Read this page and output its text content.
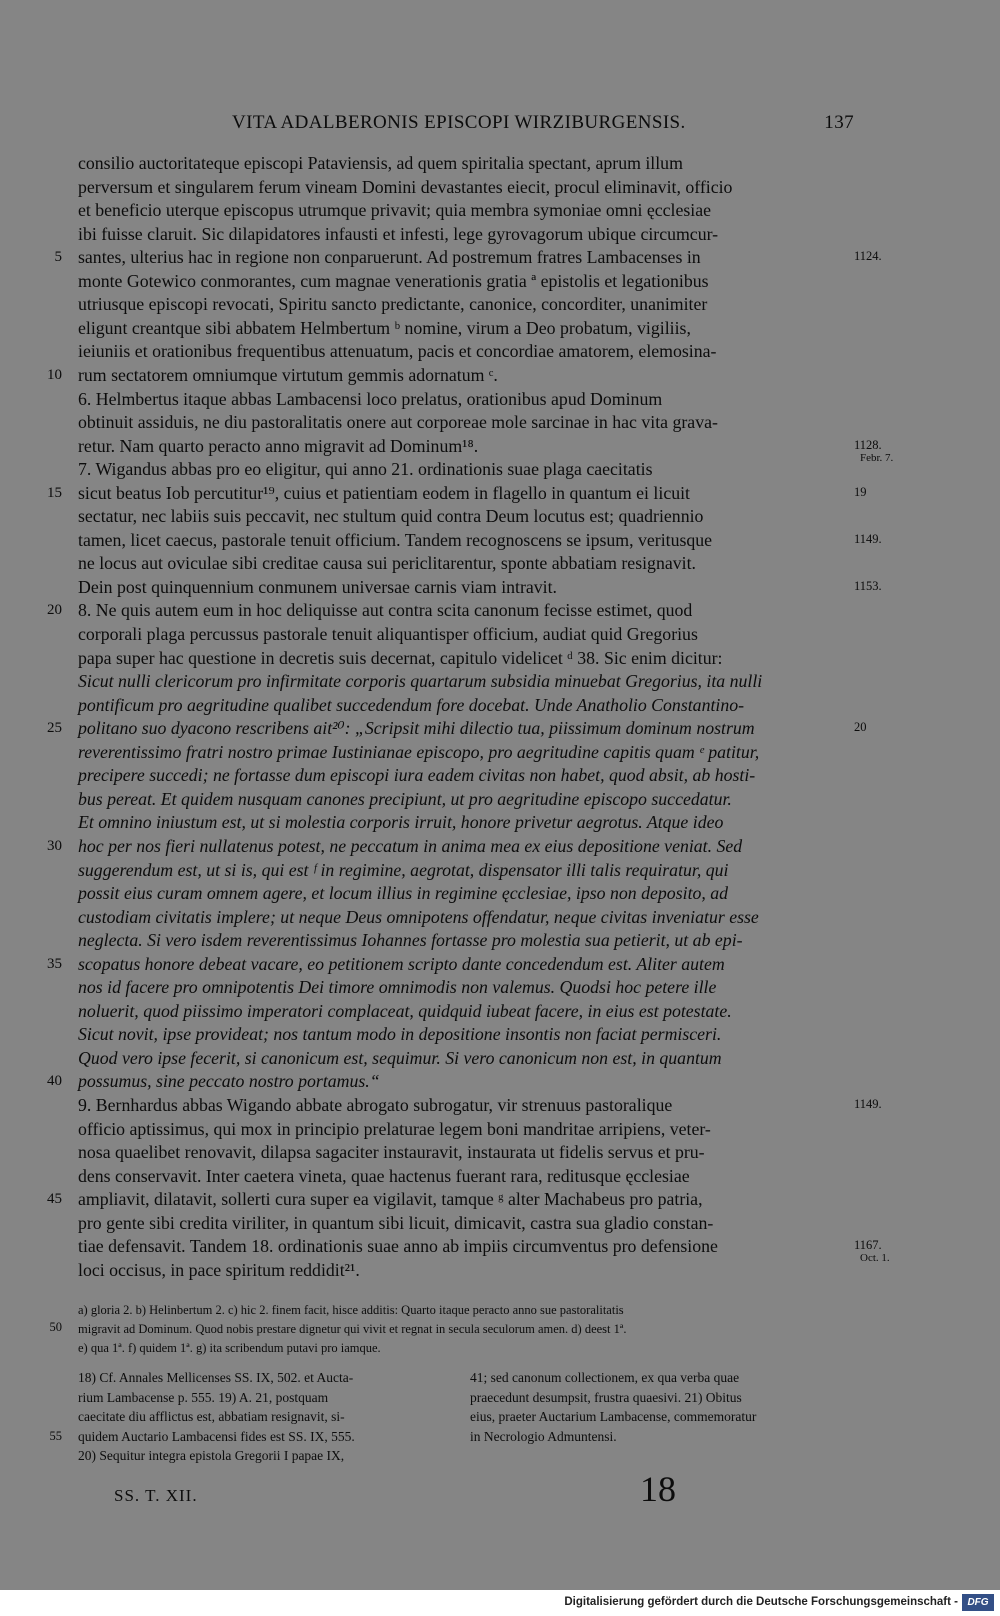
VITA ADALBERONIS EPISCOPI WIRZIBURGENSIS.	137
consilio auctoritateque episcopi Pataviensis, ad quem spiritalia spectant, aprum illum
perversum et singularem ferum vineam Domini devastantes eiecit, procul eliminavit, officio
et beneficio uterque episcopus utrumque privavit; quia membra symoniae omni ęcclesiae
ibi fuisse claruit. Sic dilapidatores infausti et infesti, lege gyrovagorum ubique circumcur-
santes, ulterius hac in regione non conparuerunt. Ad postremum fratres Lambacenses in
5
monte Gotewico conmorantes, cum magnae venerationis gratia ª epistolis et legationibus
utriusque episcopi revocati, Spiritu sancto predictante, canonice, concorditer, unanimiter
eligunt creantque sibi abbatem Helmbertum ᵇ nomine, virum a Deo probatum, vigiliis,
ieiuniis et orationibus frequentibus attenuatum, pacis et concordiae amatorem, elemosina-
rum sectatorem omniumque virtutum gemmis adornatum ᶜ.
10
6. Helmbertus itaque abbas Lambacensi loco prelatus, orationibus apud Dominum
obtinuit assiduis, ne diu pastoralitatis onere aut corporeae mole sarcinae in hac vita grava-
retur. Nam quarto peracto anno migravit ad Dominum¹⁸.
7. Wigandus abbas pro eo eligitur, qui anno 21. ordinationis suae plaga caecitatis
sicut beatus Iob percutitur¹⁹, cuius et patientiam eodem in flagello in quantum ei licuit
15
sectatur, nec labiis suis peccavit, nec stultum quid contra Deum locutus est; quadriennio
tamen, licet caecus, pastorale tenuit officium. Tandem recognoscens se ipsum, veritusque
ne locus aut oviculae sibi creditae causa sui periclitarentur, sponte abbatiam resignavit.
Dein post quinquennium conmunem universae carnis viam intravit.
8. Ne quis autem eum in hoc deliquisse aut contra scita canonum fecisse estimet, quod
20
corporali plaga percussus pastorale tenuit aliquantisper officium, audiat quid Gregorius
papa super hac questione in decretis suis decernat, capitulo videlicet ᵈ 38. Sic enim dicitur:
Sicut nulli clericorum pro infirmitate corporis quartarum subsidia minuebat Gregorius, ita nulli
pontificum pro aegritudine qualibet succedendum fore docebat. Unde Anatholio Constantino-
politano suo dyacono rescribens ait²⁰: „Scripsit mihi dilectio tua, piissimum dominum nostrum
25
reverentissimo fratri nostro primae Iustinianae episcopo, pro aegritudine capitis quam ᵉ patitur,
precipere succedi; ne fortasse dum episcopi iura eadem civitas non habet, quod absit, ab hosti-
bus pereat. Et quidem nusquam canones precipiunt, ut pro aegritudine episcopo succedatur.
Et omnino iniustum est, ut si molestia corporis irruit, honore privetur aegrotus. Atque ideo
hoc per nos fieri nullatenus potest, ne peccatum in anima mea ex eius depositione veniat. Sed
30
suggerendum est, ut si is, qui est ᶠ in regimine, aegrotat, dispensator illi talis requiratur, qui
possit eius curam omnem agere, et locum illius in regimine ęcclesiae, ipso non deposito, ad
custodiam civitatis implere; ut neque Deus omnipotens offendatur, neque civitas inveniatur esse
neglecta. Si vero isdem reverentissimus Iohannes fortasse pro molestia sua petierit, ut ab epi-
scopatus honore debeat vacare, eo petitionem scripto dante concedendum est. Aliter autem
35
nos id facere pro omnipotentis Dei timore omnimodis non valemus. Quodsi hoc petere ille
noluerit, quod piissimo imperatori complaceat, quidquid iubeat facere, in eius est potestate.
Sicut novit, ipse provideat; nos tantum modo in depositione insontis non faciat permisceri.
Quod vero ipse fecerit, si canonicum est, sequimur. Si vero canonicum non est, in quantum
possumus, sine peccato nostro portamus.“
40
9. Bernhardus abbas Wigando abbate abrogato subrogatur, vir strenuus pastoralique
officio aptissimus, qui mox in principio prelaturae legem boni mandritae arripiens, veter-
nosa quaelibet renovavit, dilapsa sagaciter instauravit, instaurata ut fidelis servus et pru-
dens conservavit. Inter caetera vineta, quae hactenus fuerant rara, reditusque ęcclesiae
ampliavit, dilatavit, sollerti cura super ea vigilavit, tamque ᵍ alter Machabeus pro patria,
45
pro gente sibi credita viriliter, in quantum sibi licuit, dimicavit, castra sua gladio constan-
tiae defensavit. Tandem 18. ordinationis suae anno ab impiis circumventus pro defensione
loci occisus, in pace spiritum reddidit²¹.
1124.
1128.
Febr. 7.
19
1149.
1153.
20
1149.
1167.
Oct. 1.
a) gloria 2. b) Helinbertum 2. c) hic 2. finem facit, hisce additis: Quarto itaque peracto anno sue pastoralitatis
migravit ad Dominum. Quod nobis prestare dignetur qui vivit et regnat in secula seculorum amen. d) deest 1ª.
50
e) qua 1ª. f) quidem 1ª. g) ita scribendum putavi pro iamque.
18) Cf. Annales Mellicenses SS. IX, 502. et Aucta-
rium Lambacense p. 555. 19) A. 21, postquam
caecitate diu afflictus est, abbatiam resignavit, si-
quidem Auctario Lambacensi fides est SS. IX, 555.
55
20) Sequitur integra epistola Gregorii I papae IX,
41; sed canonum collectionem, ex qua verba quae
praecedunt desumpsit, frustra quaesivi. 21) Obitus
eius, praeter Auctarium Lambacense, commemoratur
in Necrologio Admuntensi.
SS. T. XII.	18
Digitalisierung gefördert durch die Deutsche Forschungsgemeinschaft - DFG
